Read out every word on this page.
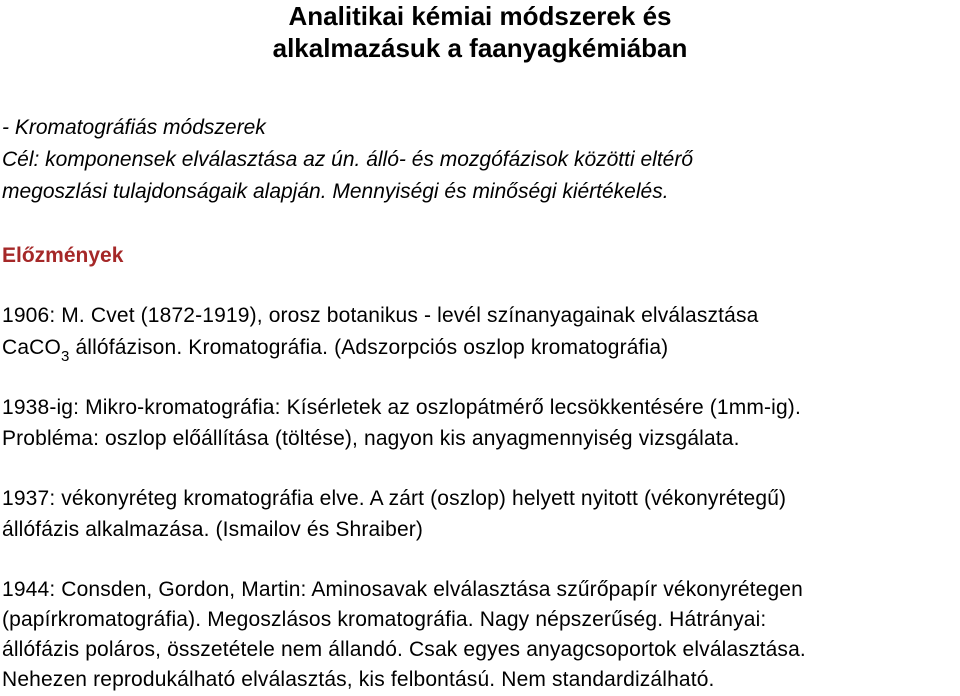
Analitikai kémiai módszerek és
alkalmazásuk a faanyagkémiában
- Kromatográfiás módszerek
Cél: komponensek elválasztása az ún. álló- és mozgófázisok közötti eltérő
megoszlási tulajdonságaik alapján. Mennyiségi és minőségi kiértékelés.
Előzmények
1906: M. Cvet (1872-1919), orosz botanikus - levél színanyagainak elválasztása
CaCO$_3$ állófázison. Kromatográfia. (Adszorpciós oszlop kromatográfia)
1938-ig: Mikro-kromatográfia: Kísérletek az oszlopátmérő lecsökkentésére (1mm-ig).
Probléma: oszlop előállítása (töltése), nagyon kis anyagmennyiség vizsgálata.
1937: vékonyréteg kromatográfia elve. A zárt (oszlop) helyett nyitott (vékonyrétegű)
állófázis alkalmazása. (Ismailov és Shraiber)
1944: Consden, Gordon, Martin: Aminosavak elválasztása szűrőpapír vékonyrétegen
(papírkromatográfia). Megoszlásos kromatográfia. Nagy népszerűség. Hátrányai:
állófázis poláros, összetétele nem állandó. Csak egyes anyagcsoportok elválasztása.
Nehezen reprodukálható elválasztás, kis felbontású. Nem standardizálható.
